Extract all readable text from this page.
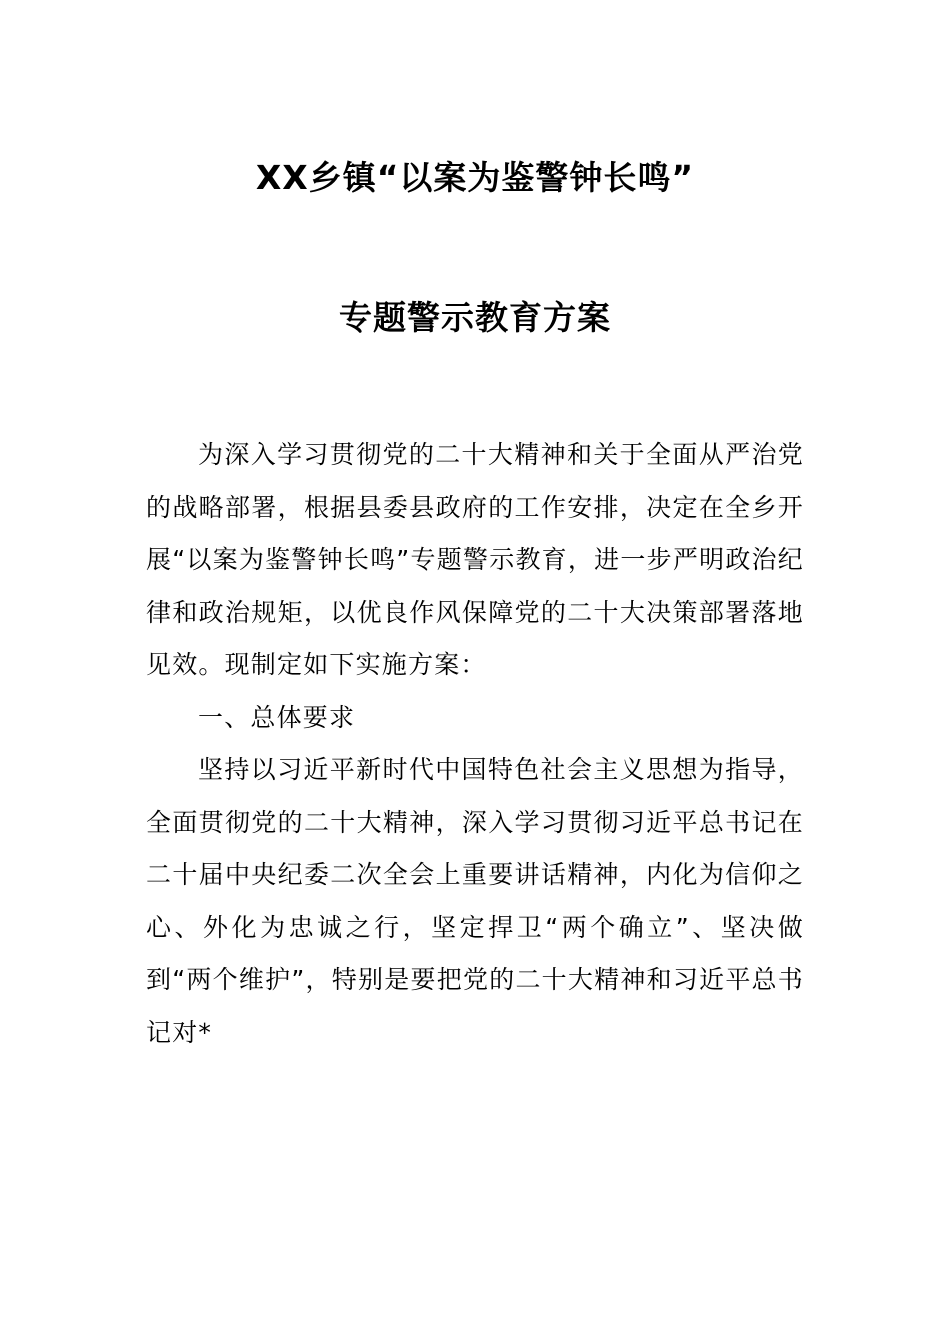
XX乡镇“以案为鉴警钟长鸣”
专题警示教育方案

为深入学习贯彻党的二十大精神和关于全面从严治党的战略部署，根据县委县政府的工作安排，决定在全乡开展“以案为鉴警钟长鸣”专题警示教育，进一步严明政治纪律和政治规矩，以优良作风保障党的二十大决策部署落地见效。现制定如下实施方案：

一、总体要求

坚持以习近平新时代中国特色社会主义思想为指导，全面贯彻党的二十大精神，深入学习贯彻习近平总书记在二十届中央纪委二次全会上重要讲话精神，内化为信仰之心、外化为忠诚之行，坚定捍卫“两个确立”、坚决做到“两个维护”，特别是要把党的二十大精神和习近平总书记对*
